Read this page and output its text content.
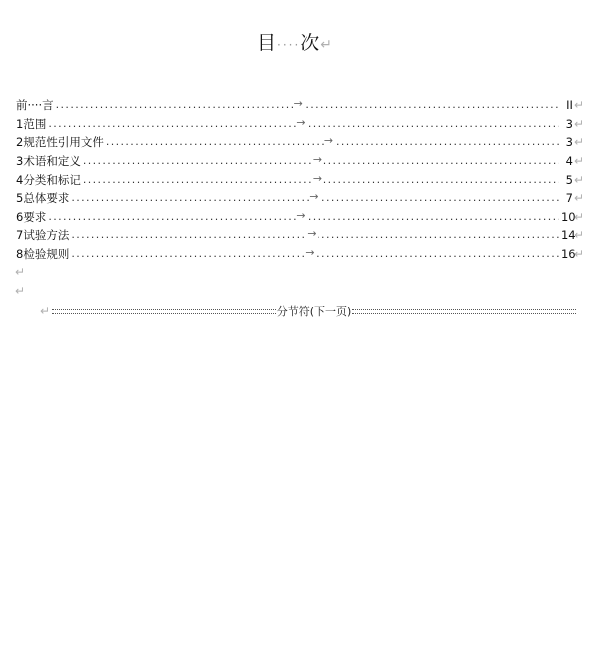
目····次↵
前····言	..... →	II ↵
1 范围	..... →	3 ↵
2 规范性引用文件	..... →	3 ↵
3 术语和定义	..... →	4 ↵
4 分类和标记	..... →	5 ↵
5 总体要求	..... →	7 ↵
6 要求	..... →	10
↵
7 试验方法	..... →	14
↵
8 检验规则	..... →	16
↵
↵
↵
↵	分节符(下一页)
